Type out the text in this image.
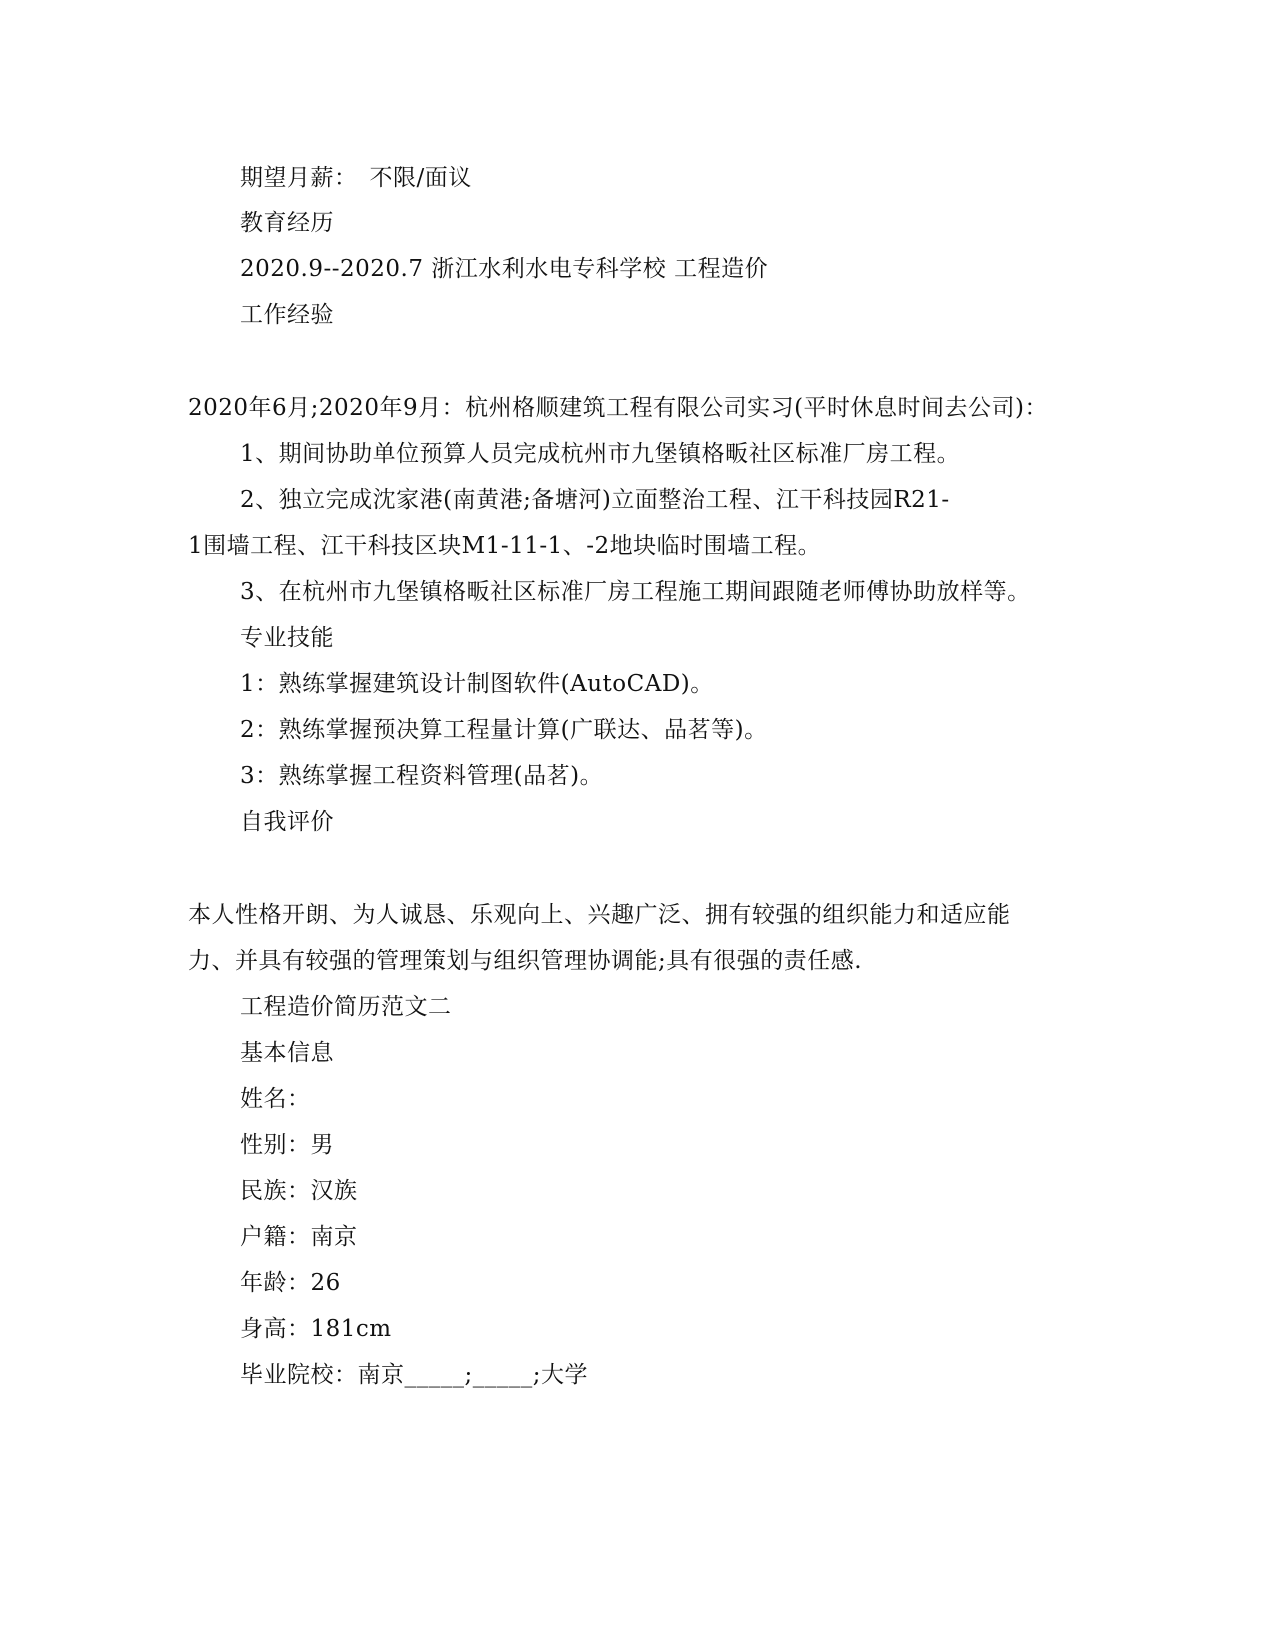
期望月薪：　不限/面议
教育经历
2020.9--2020.7 浙江水利水电专科学校 工程造价
工作经验
2020年6月;2020年9月：杭州格顺建筑工程有限公司实习(平时休息时间去公司)：
1、期间协助单位预算人员完成杭州市九堡镇格畈社区标准厂房工程。
2、独立完成沈家港(南黄港;备塘河)立面整治工程、江干科技园R21-
1围墙工程、江干科技区块M1-11-1、-2地块临时围墙工程。
3、在杭州市九堡镇格畈社区标准厂房工程施工期间跟随老师傅协助放样等。
专业技能
1：熟练掌握建筑设计制图软件(AutoCAD)。
2：熟练掌握预决算工程量计算(广联达、品茗等)。
3：熟练掌握工程资料管理(品茗)。
自我评价
本人性格开朗、为人诚恳、乐观向上、兴趣广泛、拥有较强的组织能力和适应能
力、并具有较强的管理策划与组织管理协调能;具有很强的责任感.
工程造价简历范文二
基本信息
姓名：
性别：男
民族：汉族
户籍：南京
年龄：26
身高：181cm
毕业院校：南京_____;_____;大学
